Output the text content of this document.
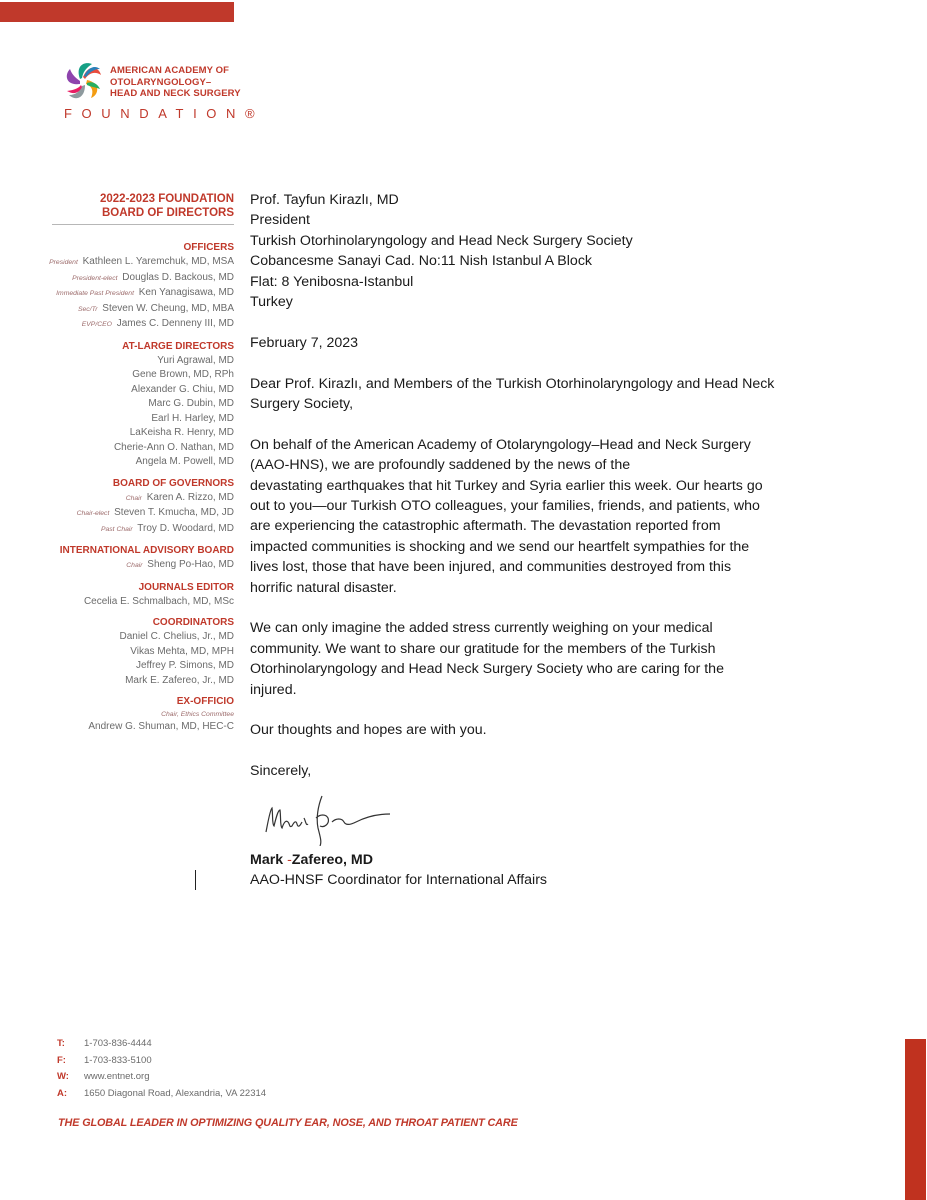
AMERICAN ACADEMY OF
OTOLARYNGOLOGY–
HEAD AND NECK SURGERY
FOUNDATION®
2022-2023 FOUNDATION
BOARD OF DIRECTORS
OFFICERS
President Kathleen L. Yaremchuk, MD, MSA
President-elect Douglas D. Backous, MD
Immediate Past President Ken Yanagisawa, MD
Sec/Tr Steven W. Cheung, MD, MBA
EVP/CEO James C. Denneny III, MD
AT-LARGE DIRECTORS
Yuri Agrawal, MD
Gene Brown, MD, RPh
Alexander G. Chiu, MD
Marc G. Dubin, MD
Earl H. Harley, MD
LaKeisha R. Henry, MD
Cherie-Ann O. Nathan, MD
Angela M. Powell, MD
BOARD OF GOVERNORS
Chair Karen A. Rizzo, MD
Chair-elect Steven T. Kmucha, MD, JD
Past Chair Troy D. Woodard, MD
INTERNATIONAL ADVISORY BOARD
Chair Sheng Po-Hao, MD
JOURNALS EDITOR
Cecelia E. Schmalbach, MD, MSc
COORDINATORS
Daniel C. Chelius, Jr., MD
Vikas Mehta, MD, MPH
Jeffrey P. Simons, MD
Mark E. Zafereo, Jr., MD
EX-OFFICIO
Chair, Ethics Committee
Andrew G. Shuman, MD, HEC-C

Prof. Tayfun Kirazlı, MD

President

Turkish Otorhinolaryngology and Head Neck Surgery Society

Cobancesme Sanayi Cad. No:11 Nish Istanbul A Block

Flat: 8 Yenibosna-Istanbul

Turkey

February 7, 2023

Dear Prof. Kirazlı, and Members of the Turkish Otorhinolaryngology and Head Neck

Surgery Society,

On behalf of the American Academy of Otolaryngology–Head and Neck Surgery

(AAO-HNS), we are profoundly saddened by the news of the

devastating earthquakes that hit Turkey and Syria earlier this week. Our hearts go

out to you—our Turkish OTO colleagues, your families, friends, and patients, who

are experiencing the catastrophic aftermath. The devastation reported from

impacted communities is shocking and we send our heartfelt sympathies for the

lives lost, those that have been injured, and communities destroyed from this

horrific natural disaster.

We can only imagine the added stress currently weighing on your medical

community. We want to share our gratitude for the members of the Turkish

Otorhinolaryngology and Head Neck Surgery Society who are caring for the

injured.

Our thoughts and hopes are with you.

Sincerely,

Mark -Zafereo, MD

AAO-HNSF Coordinator for International Affairs

T:	1-703-836-4444
F:	1-703-833-5100
W:	www.entnet.org
A:	1650 Diagonal Road, Alexandria, VA 22314
THE GLOBAL LEADER IN OPTIMIZING QUALITY EAR, NOSE, AND THROAT PATIENT CARE
